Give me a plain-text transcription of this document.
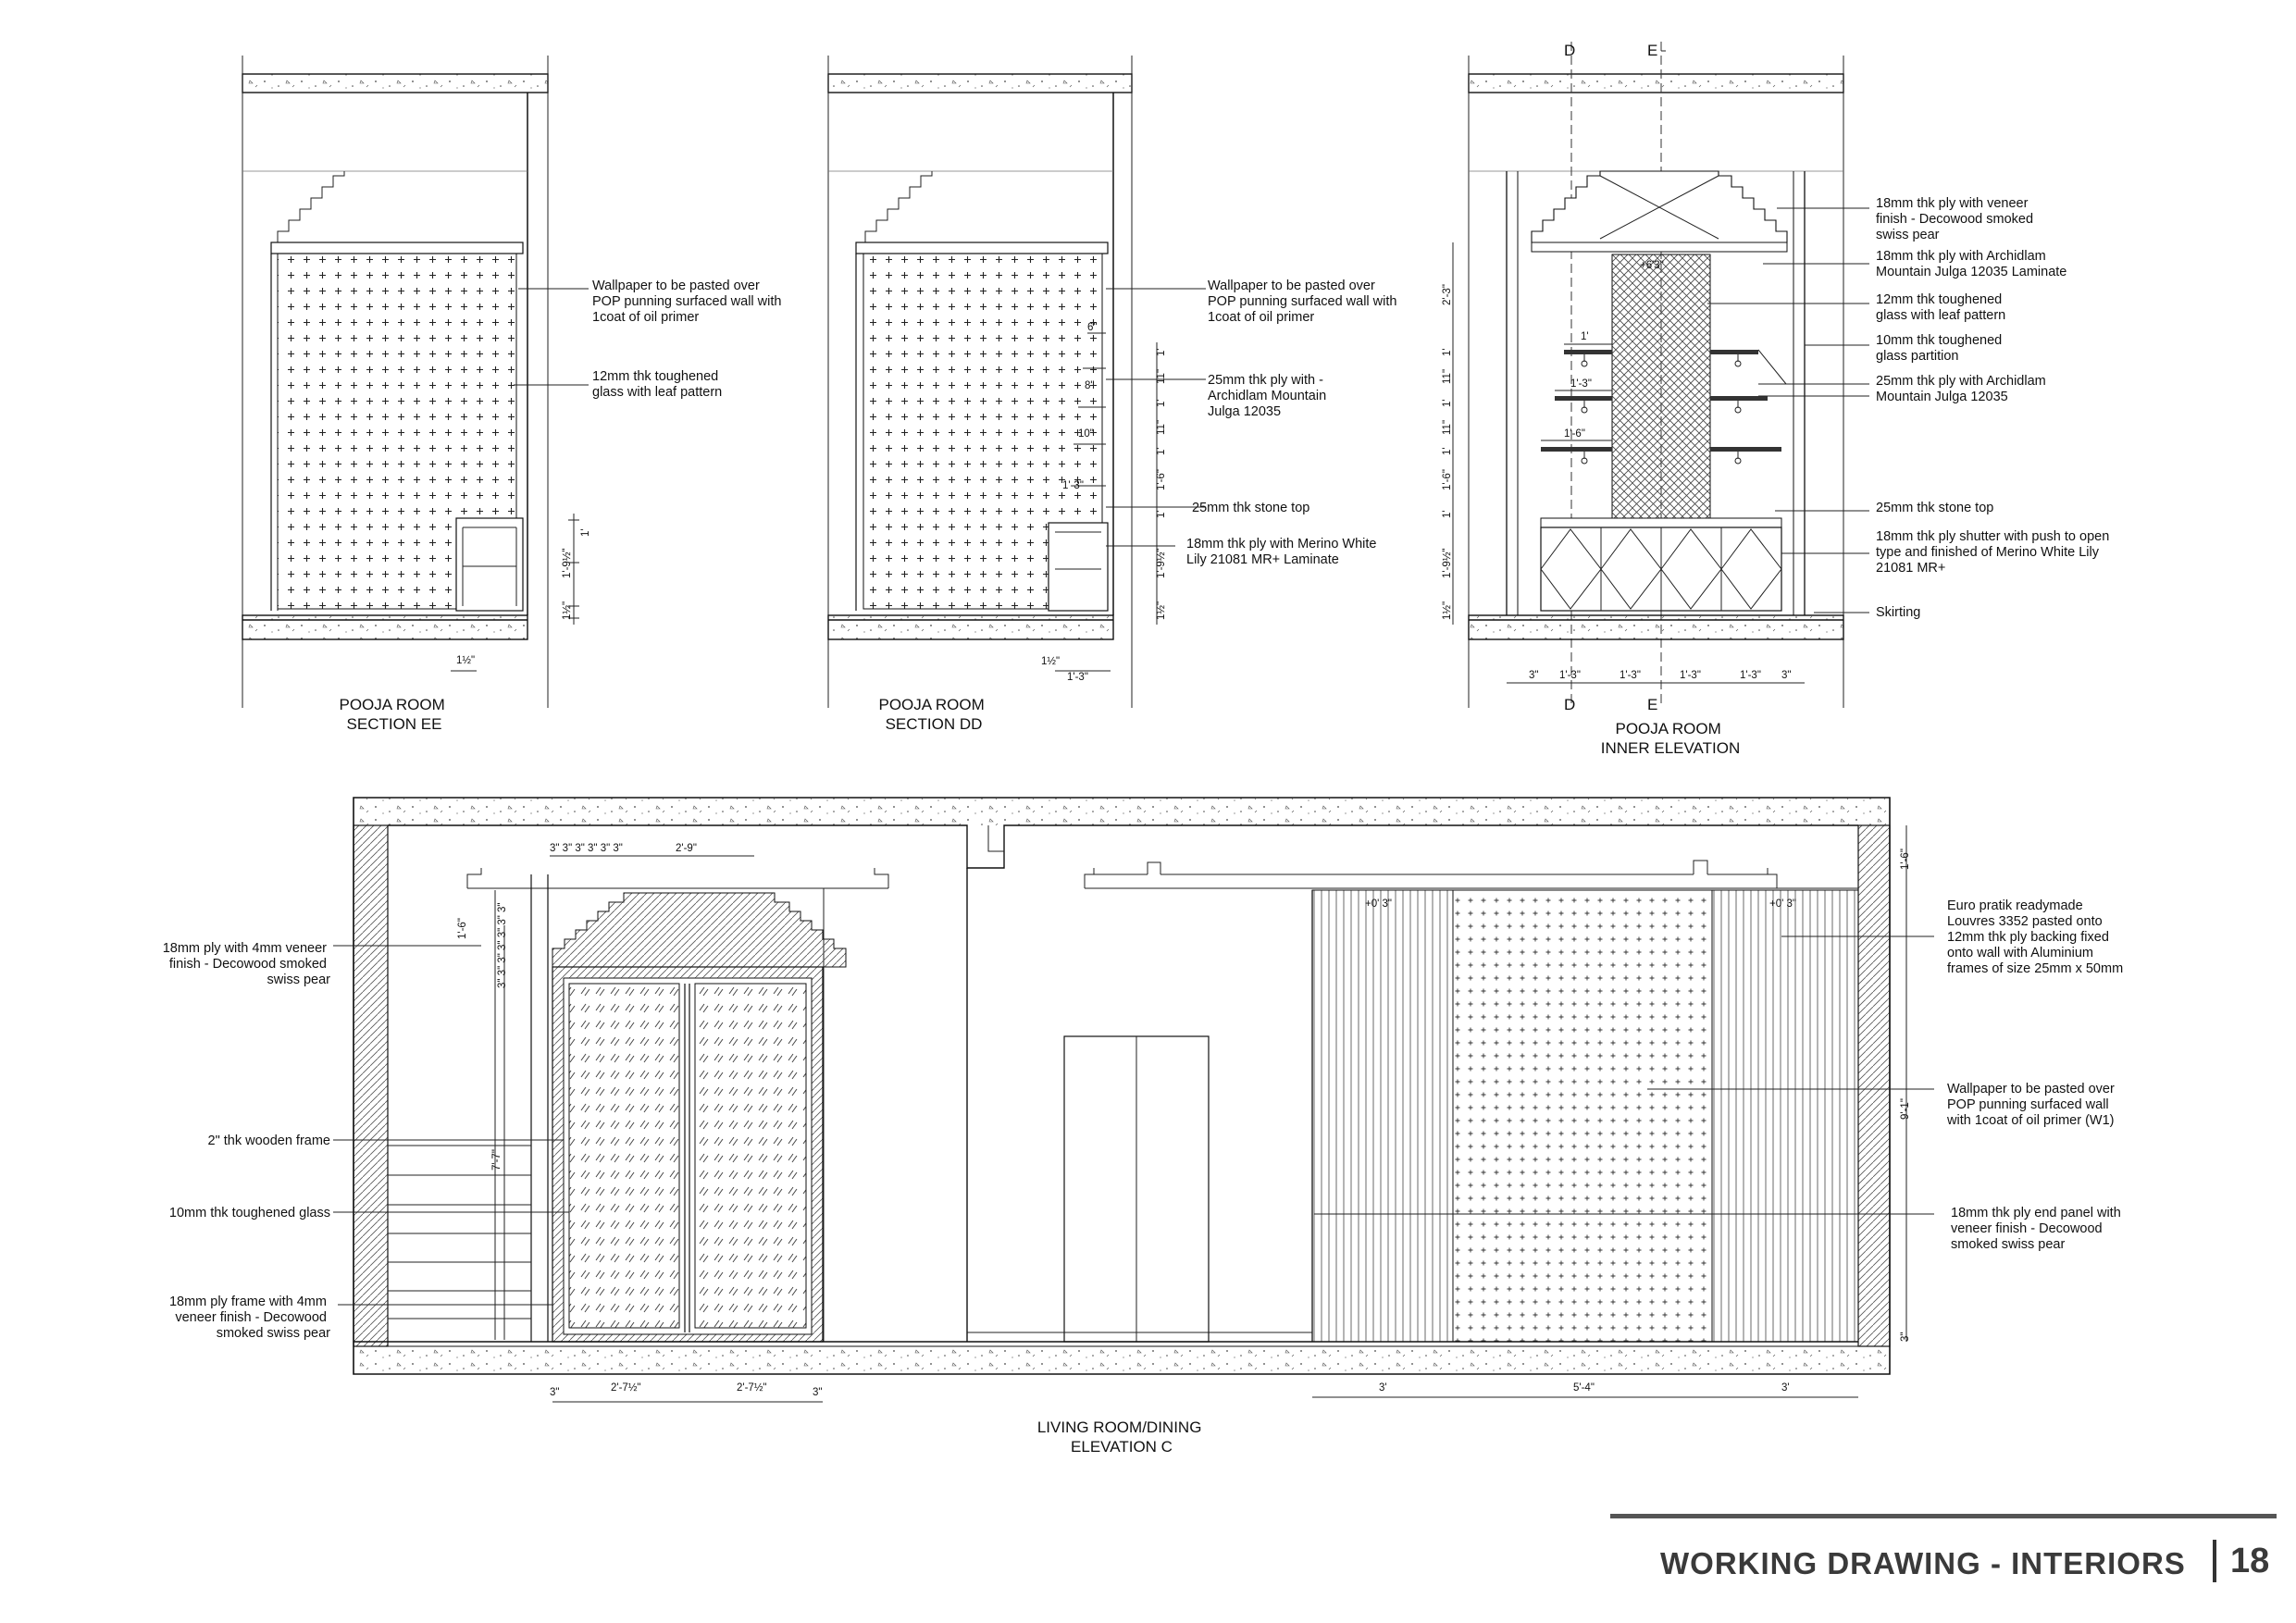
1'
1'-9½"
1½"
1½"
Wallpaper to be pasted over POP punning surfaced wall with 1coat of oil primer
12mm thk toughened glass with leaf pattern
POOJA ROOM SECTION EE
1'
11"
1'
11"
1'
1'-6"
1'
1'-9½"
1½"
6"
8"
10"
1'-3"
1'-3"
1½"
Wallpaper to be pasted over POP punning surfaced wall with 1coat of oil primer
25mm thk ply with - Archidlam Mountain Julga 12035
25mm thk stone top
18mm thk ply with Merino White Lily 21081 MR+ Laminate
POOJA ROOM SECTION DD
+6'3"
1'
1'-3"
1'-6"
2'-3"
1'
11"
1'
11"
1'
1'-6"
1'
1'-9½"
1½"
3" 1'-3"	1'-3"	1'-3"	1'-3" 3"
D	E
D	E
18mm thk ply with veneer finish - Decowood smoked swiss pear
18mm thk ply with Archidlam Mountain Julga 12035 Laminate
12mm thk toughened glass with leaf pattern
10mm thk toughened glass partition
25mm thk ply with Archidlam Mountain Julga 12035
25mm thk stone top
18mm thk ply shutter with push to open type and finished of Merino White Lily 21081 MR+
Skirting
POOJA ROOM INNER ELEVATION
+0' 3"	+0' 3"
3" 3" 3" 3" 3" 3"	2'-9"
3" 3" 3" 3" 3" 3" 3"
1'-6"
7'-7"
1'-6"
9'-1"
3"
3"	2'-7½"	2'-7½"	3"	3'	5'-4"	3'
18mm ply with 4mm veneer finish - Decowood smoked swiss pear
2" thk wooden frame
10mm thk toughened glass
18mm ply frame with 4mm veneer finish - Decowood smoked swiss pear
Euro pratik readymade Louvres 3352 pasted onto 12mm thk ply backing fixed onto wall with Aluminium frames of size 25mm x 50mm
Wallpaper to be pasted over POP punning surfaced wall with 1coat of oil primer (W1)
18mm thk ply end panel with veneer finish - Decowood smoked swiss pear
LIVING ROOM/DINING ELEVATION C
WORKING DRAWING - INTERIORS 18
